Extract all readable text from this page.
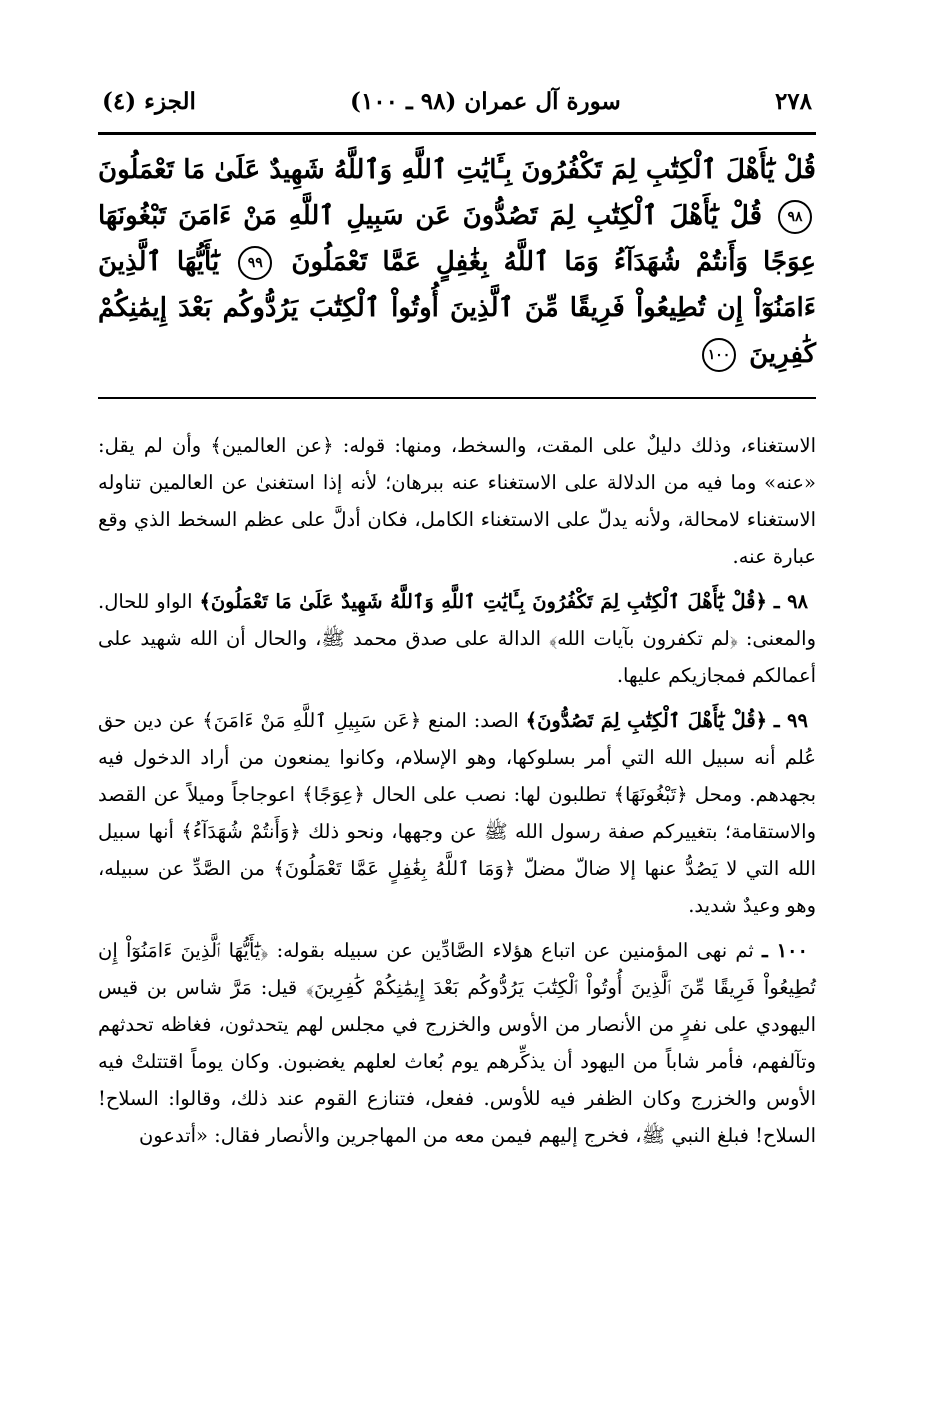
٢٧٨
سورة آل عمران (٩٨ ـ ١٠٠)
الجزء (٤)
قُلْ يَٰٓأَهْلَ ٱلْكِتَٰبِ لِمَ تَكْفُرُونَ بِـَٔايَٰتِ ٱللَّهِ وَٱللَّهُ شَهِيدٌ عَلَىٰ مَا تَعْمَلُونَ ٩٨ قُلْ يَٰٓأَهْلَ ٱلْكِتَٰبِ لِمَ تَصُدُّونَ عَن سَبِيلِ ٱللَّهِ مَنْ ءَامَنَ تَبْغُونَهَا عِوَجًا وَأَنتُمْ شُهَدَآءُ وَمَا ٱللَّهُ بِغَٰفِلٍ عَمَّا تَعْمَلُونَ ٩٩ يَٰٓأَيُّهَا ٱلَّذِينَ ءَامَنُوٓاْ إِن تُطِيعُواْ فَرِيقًا مِّنَ ٱلَّذِينَ أُوتُواْ ٱلْكِتَٰبَ يَرُدُّوكُم بَعْدَ إِيمَٰنِكُمْ كَٰفِرِينَ ١٠٠

الاستغناء، وذلك دليلٌ على المقت، والسخط، ومنها: قوله: ﴿عن العالمين﴾ وأن لم يقل: «عنه» وما فيه من الدلالة على الاستغناء عنه ببرهان؛ لأنه إذا استغنىٰ عن العالمين تناوله الاستغناء لامحالة، ولأنه يدلّ على الاستغناء الكامل، فكان أدلَّ على عظم السخط الذي وقع عبارة عنه.

٩٨ ـ ﴿قُلْ يَٰٓأَهْلَ ٱلْكِتَٰبِ لِمَ تَكْفُرُونَ بِـَٔايَٰتِ ٱللَّهِ وَٱللَّهُ شَهِيدٌ عَلَىٰ مَا تَعْمَلُونَ﴾ الواو للحال. والمعنى: ﴿لم تكفرون بآيات الله﴾ الدالة على صدق محمد ﷺ، والحال أن الله شهيد على أعمالكم فمجازيكم عليها.

٩٩ ـ ﴿قُلْ يَٰٓأَهْلَ ٱلْكِتَٰبِ لِمَ تَصُدُّونَ﴾ الصد: المنع ﴿عَن سَبِيلِ ٱللَّهِ مَنْ ءَامَنَ﴾ عن دين حق عُلم أنه سبيل الله التي أمر بسلوكها، وهو الإسلام، وكانوا يمنعون من أراد الدخول فيه بجهدهم. ومحل ﴿تَبْغُونَهَا﴾ تطلبون لها: نصب على الحال ﴿عِوَجًا﴾ اعوجاجاً وميلاً عن القصد والاستقامة؛ بتغييركم صفة رسول الله ﷺ عن وجهها، ونحو ذلك ﴿وَأَنتُمْ شُهَدَآءُ﴾ أنها سبيل الله التي لا يَصُدُّ عنها إلا ضالّ مضلّ ﴿وَمَا ٱللَّهُ بِغَٰفِلٍ عَمَّا تَعْمَلُونَ﴾ من الصَّدِّ عن سبيله، وهو وعيدٌ شديد.

١٠٠ ـ ثم نهى المؤمنين عن اتباع هؤلاء الصَّادِّين عن سبيله بقوله: ﴿يَٰٓأَيُّهَا ٱلَّذِينَ ءَامَنُوٓاْ إِن تُطِيعُواْ فَرِيقًا مِّنَ ٱلَّذِينَ أُوتُواْ ٱلْكِتَٰبَ يَرُدُّوكُم بَعْدَ إِيمَٰنِكُمْ كَٰفِرِينَ﴾ قيل: مَرَّ شاس بن قيس اليهودي على نفرٍ من الأنصار من الأوس والخزرج في مجلس لهم يتحدثون، فغاظه تحدثهم وتآلفهم، فأمر شاباً من اليهود أن يذكِّرهم يوم بُعاث لعلهم يغضبون. وكان يوماً اقتتلتْ فيه الأوس والخزرج وكان الظفر فيه للأوس. ففعل، فتنازع القوم عند ذلك، وقالوا: السلاح! السلاح! فبلغ النبي ﷺ، فخرج إليهم فيمن معه من المهاجرين والأنصار فقال: «أتدعون
